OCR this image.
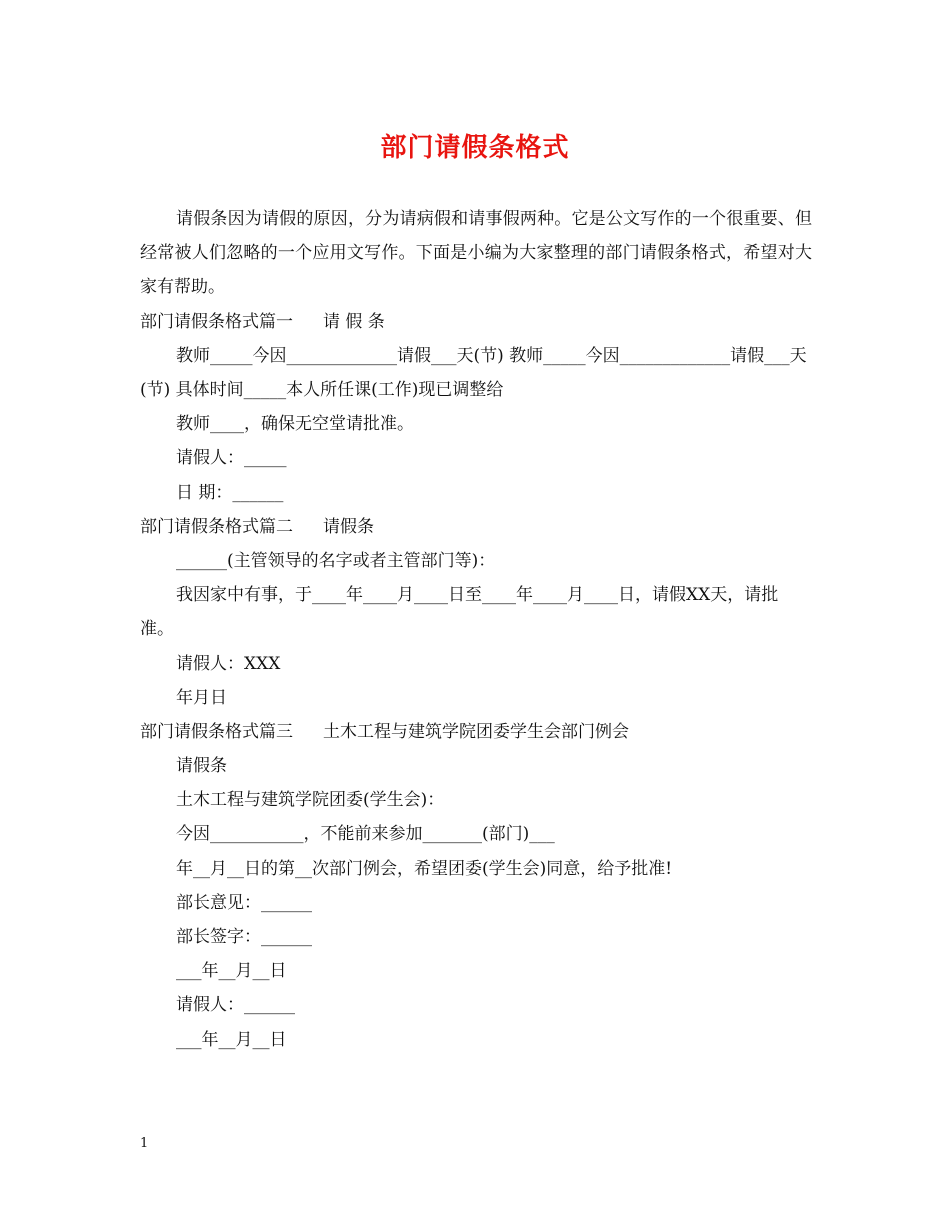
部门请假条格式
请假条因为请假的原因，分为请病假和请事假两种。它是公文写作的一个很重要、但经常被人们忽略的一个应用文写作。下面是小编为大家整理的部门请假条格式，希望对大家有帮助。
部门请假条格式篇一 请 假 条
教师_____今因_____________请假___天(节) 教师_____今因_____________请假___天(节) 具体时间_____本人所任课(工作)现已调整给
教师____，确保无空堂请批准。
请假人：_____
日 期：______
部门请假条格式篇二 请假条
______(主管领导的名字或者主管部门等)：
我因家中有事，于____年____月____日至____年____月____日，请假XX天，请批准。
请假人：XXX
年月日
部门请假条格式篇三 土木工程与建筑学院团委学生会部门例会
请假条
土木工程与建筑学院团委(学生会)：
今因___________，不能前来参加_______(部门)___
年__月__日的第__次部门例会，希望团委(学生会)同意，给予批准!
部长意见：______
部长签字：______
___年__月__日
请假人：______
___年__月__日
1
